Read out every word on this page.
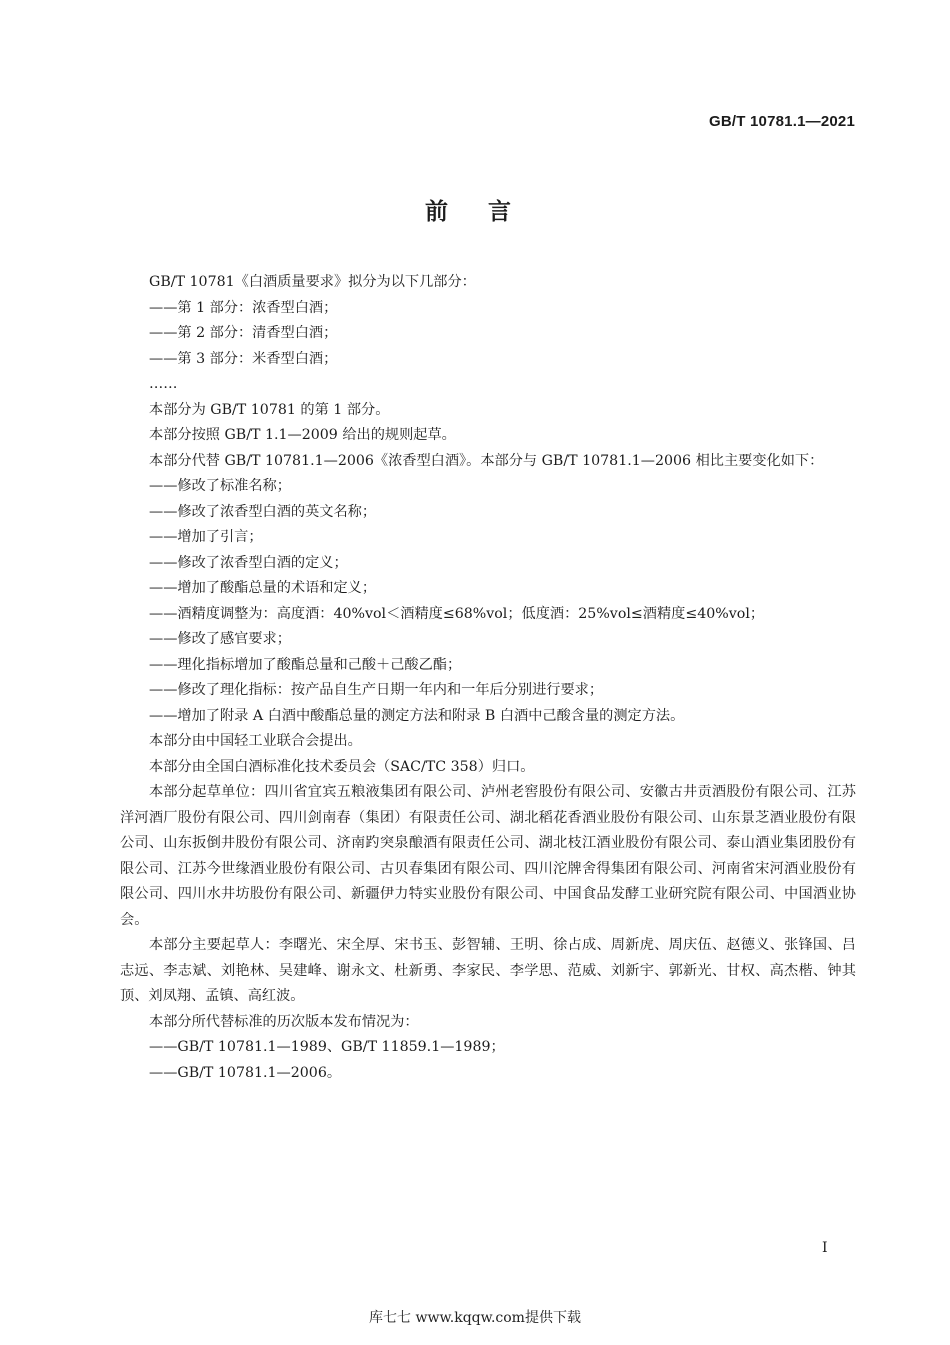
GB/T 10781.1—2021
前言

GB/T 10781《白酒质量要求》拟分为以下几部分：

——第 1 部分：浓香型白酒；

——第 2 部分：清香型白酒；

——第 3 部分：米香型白酒；

……

本部分为 GB/T 10781 的第 1 部分。

本部分按照 GB/T 1.1—2009 给出的规则起草。

本部分代替 GB/T 10781.1—2006《浓香型白酒》。本部分与 GB/T 10781.1—2006 相比主要变化如下：

——修改了标准名称；

——修改了浓香型白酒的英文名称；

——增加了引言；

——修改了浓香型白酒的定义；

——增加了酸酯总量的术语和定义；

——酒精度调整为：高度酒：40%vol＜酒精度≤68%vol；低度酒：25%vol≤酒精度≤40%vol；

——修改了感官要求；

——理化指标增加了酸酯总量和己酸＋己酸乙酯；

——修改了理化指标：按产品自生产日期一年内和一年后分别进行要求；

——增加了附录 A 白酒中酸酯总量的测定方法和附录 B 白酒中己酸含量的测定方法。

本部分由中国轻工业联合会提出。

本部分由全国白酒标准化技术委员会（SAC/TC 358）归口。

本部分起草单位：四川省宜宾五粮液集团有限公司、泸州老窖股份有限公司、安徽古井贡酒股份有限公司、江苏洋河酒厂股份有限公司、四川剑南春（集团）有限责任公司、湖北稻花香酒业股份有限公司、山东景芝酒业股份有限公司、山东扳倒井股份有限公司、济南趵突泉酿酒有限责任公司、湖北枝江酒业股份有限公司、泰山酒业集团股份有限公司、江苏今世缘酒业股份有限公司、古贝春集团有限公司、四川沱牌舍得集团有限公司、河南省宋河酒业股份有限公司、四川水井坊股份有限公司、新疆伊力特实业股份有限公司、中国食品发酵工业研究院有限公司、中国酒业协会。

本部分主要起草人：李曙光、宋全厚、宋书玉、彭智辅、王明、徐占成、周新虎、周庆伍、赵德义、张锋国、吕志远、李志斌、刘艳林、吴建峰、谢永文、杜新勇、李家民、李学思、范威、刘新宇、郭新光、甘权、高杰楷、钟其顶、刘凤翔、孟镇、高红波。

本部分所代替标准的历次版本发布情况为：

——GB/T 10781.1—1989、GB/T 11859.1—1989；

——GB/T 10781.1—2006。

I
库七七 www.kqqw.com提供下载
